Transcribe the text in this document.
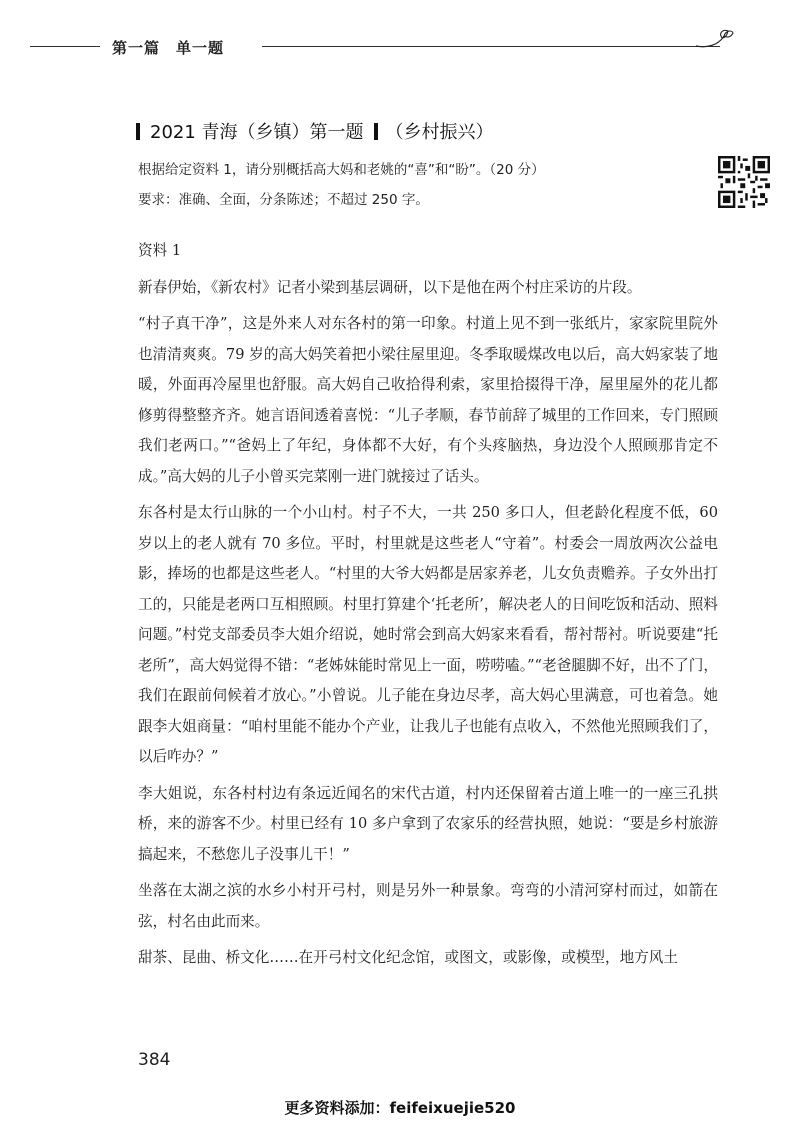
第一篇　单一题
2021 青海（乡镇）第一题 （乡村振兴）
根据给定资料 1，请分别概括高大妈和老姚的“喜”和“盼”。（20 分）
要求：准确、全面，分条陈述；不超过 250 字。

资料 1

新春伊始，《新农村》记者小梁到基层调研，以下是他在两个村庄采访的片段。

“村子真干净”，这是外来人对东各村的第一印象。村道上见不到一张纸片，家家院里院外也清清爽爽。79 岁的高大妈笑着把小梁往屋里迎。冬季取暖煤改电以后，高大妈家装了地暖，外面再冷屋里也舒服。高大妈自己收拾得利索，家里拾掇得干净，屋里屋外的花儿都修剪得整整齐齐。她言语间透着喜悦：“儿子孝顺，春节前辞了城里的工作回来，专门照顾我们老两口。”“爸妈上了年纪，身体都不大好，有个头疼脑热，身边没个人照顾那肯定不成。”高大妈的儿子小曾买完菜刚一进门就接过了话头。

东各村是太行山脉的一个小山村。村子不大，一共 250 多口人，但老龄化程度不低，60 岁以上的老人就有 70 多位。平时，村里就是这些老人“守着”。村委会一周放两次公益电影，捧场的也都是这些老人。“村里的大爷大妈都是居家养老，儿女负责赡养。子女外出打工的，只能是老两口互相照顾。村里打算建个‘托老所’，解决老人的日间吃饭和活动、照料问题。”村党支部委员李大姐介绍说，她时常会到高大妈家来看看，帮衬帮衬。听说要建“托老所”，高大妈觉得不错：“老姊妹能时常见上一面，唠唠嗑。”“老爸腿脚不好，出不了门，我们在跟前伺候着才放心。”小曾说。儿子能在身边尽孝，高大妈心里满意，可也着急。她跟李大姐商量：“咱村里能不能办个产业，让我儿子也能有点收入，不然他光照顾我们了，以后咋办？”

李大姐说，东各村村边有条远近闻名的宋代古道，村内还保留着古道上唯一的一座三孔拱桥，来的游客不少。村里已经有 10 多户拿到了农家乐的经营执照，她说：“要是乡村旅游搞起来，不愁您儿子没事儿干！”

坐落在太湖之滨的水乡小村开弓村，则是另外一种景象。弯弯的小清河穿村而过，如箭在弦，村名由此而来。

甜茶、昆曲、桥文化……在开弓村文化纪念馆，或图文，或影像，或模型，地方风土

384
更多资料添加：feifeixuejie520
